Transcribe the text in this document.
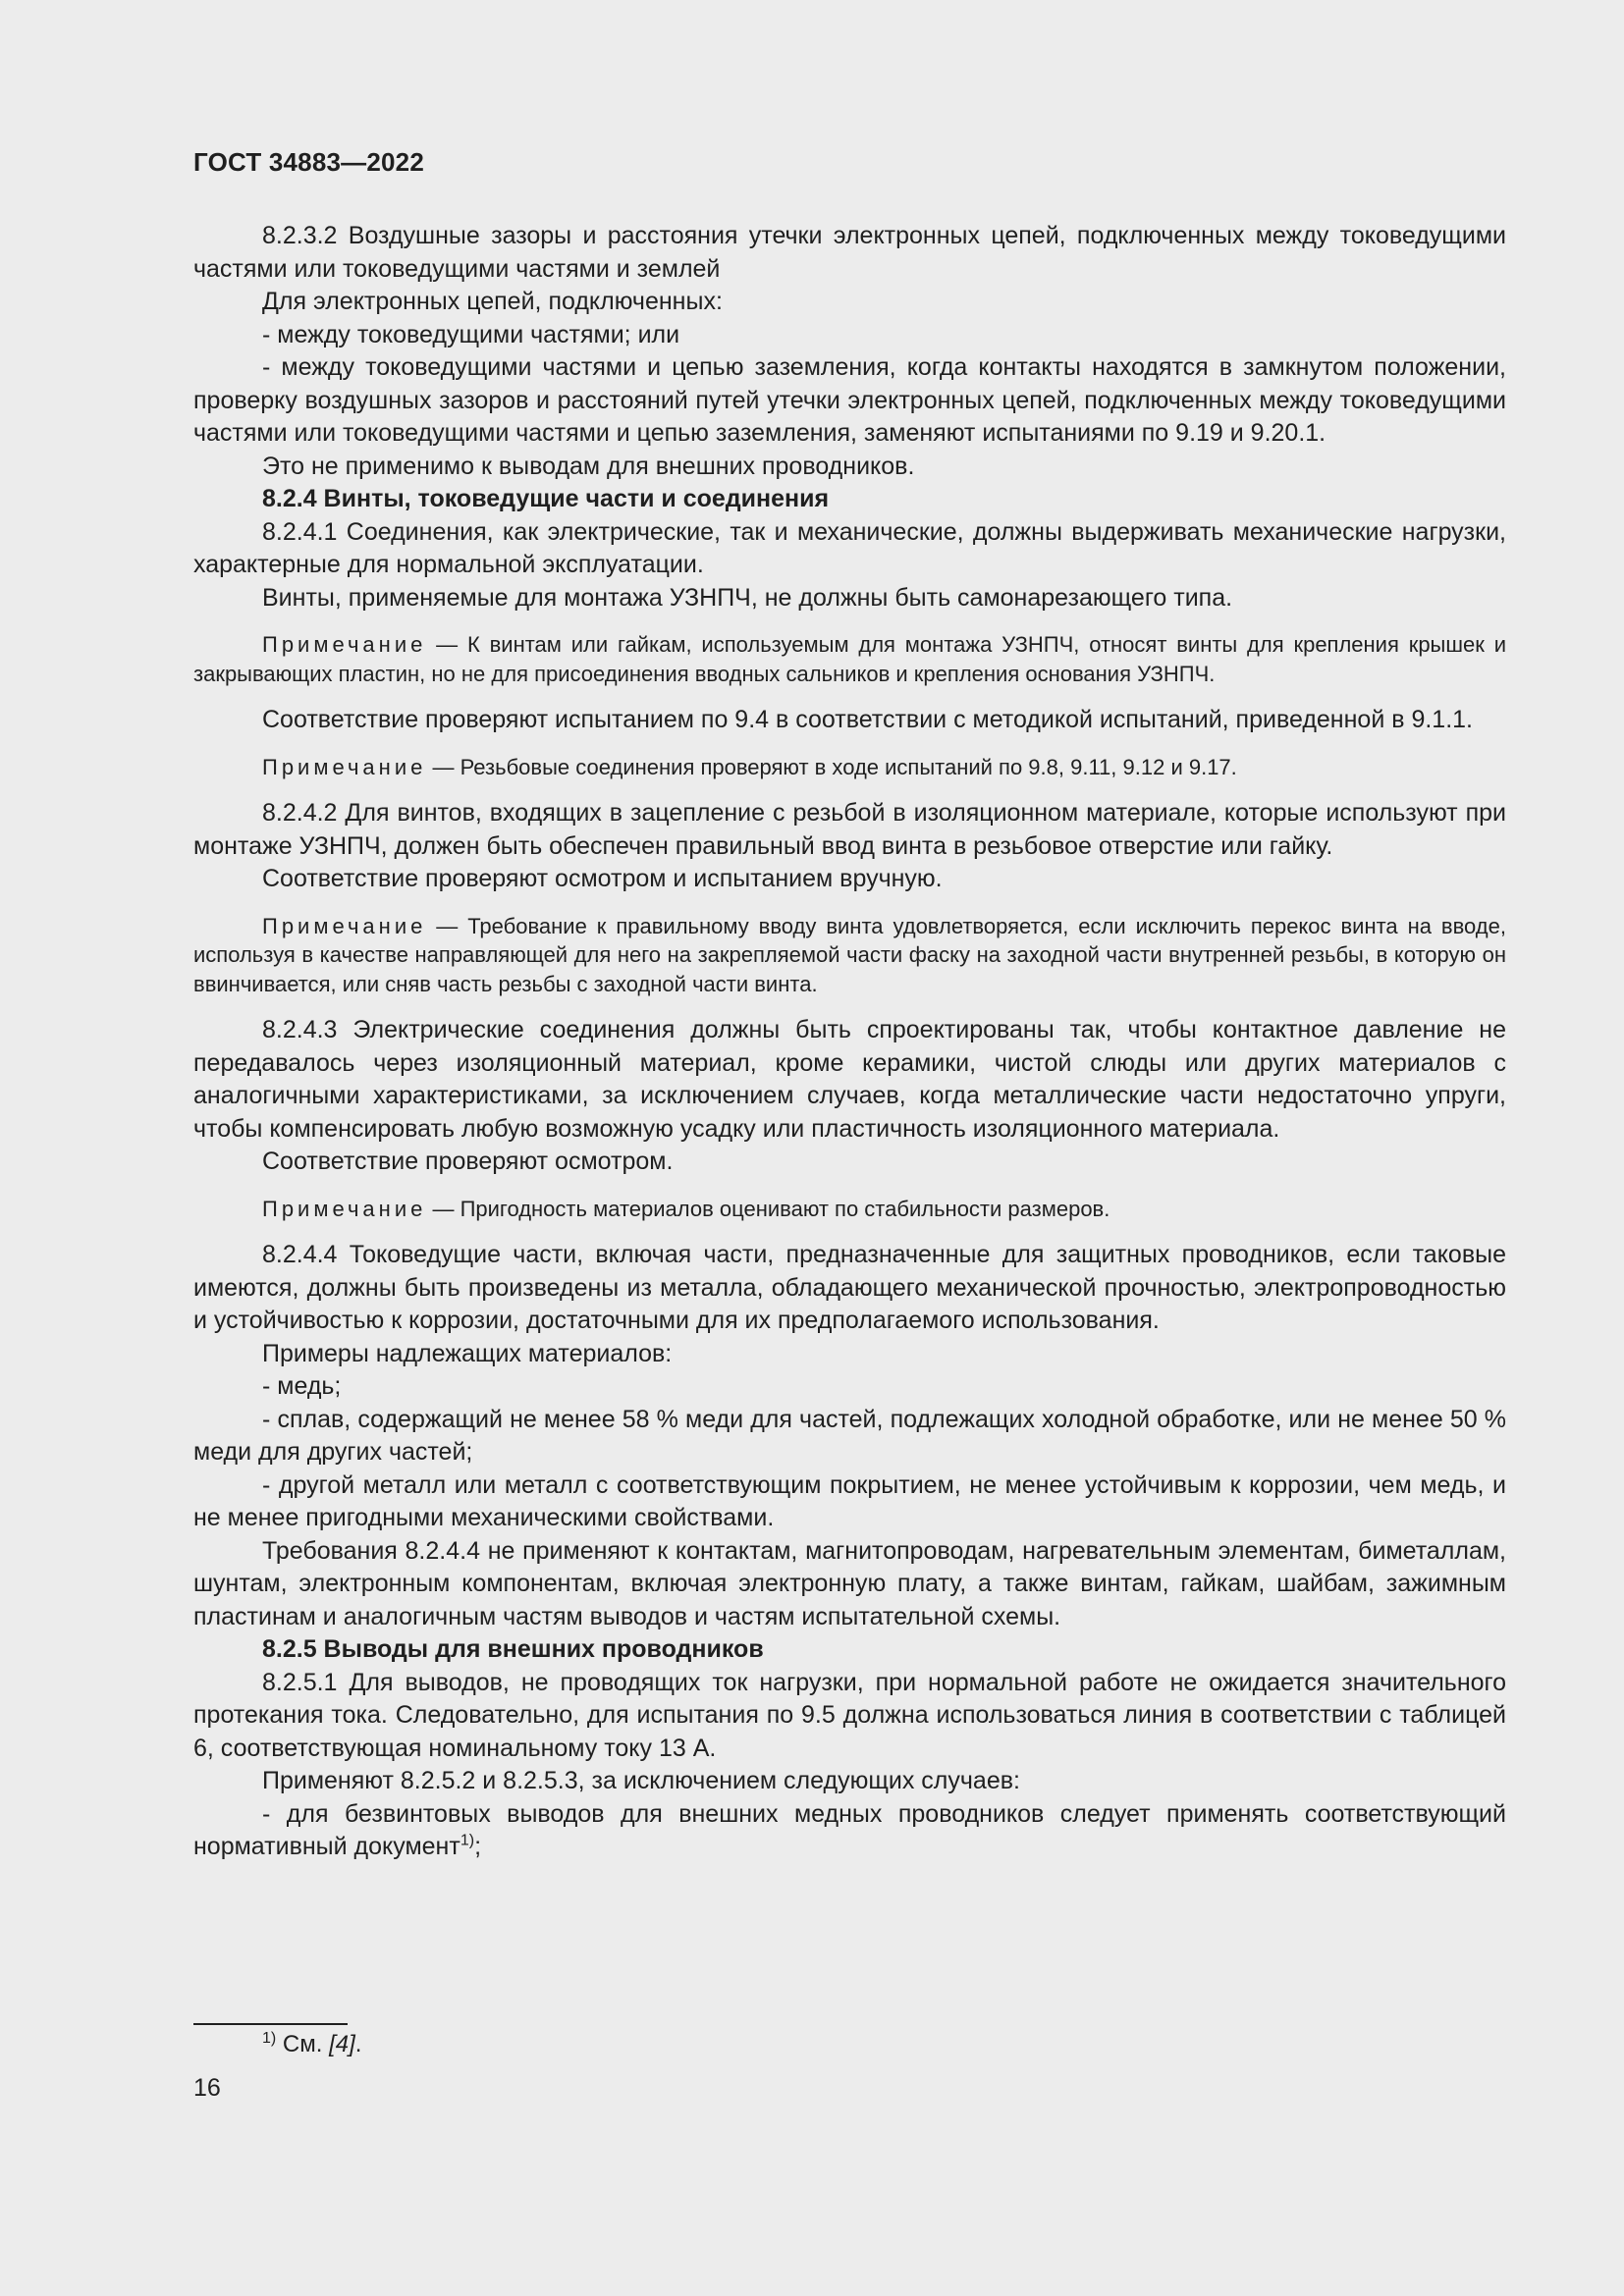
ГОСТ 34883—2022

8.2.3.2 Воздушные зазоры и расстояния утечки электронных цепей, подключенных между токоведущими частями или токоведущими частями и землей

Для электронных цепей, подключенных:

- между токоведущими частями; или

- между токоведущими частями и цепью заземления, когда контакты находятся в замкнутом положении, проверку воздушных зазоров и расстояний путей утечки электронных цепей, подключенных между токоведущими частями или токоведущими частями и цепью заземления, заменяют испытаниями по 9.19 и 9.20.1.

Это не применимо к выводам для внешних проводников.

8.2.4 Винты, токоведущие части и соединения

8.2.4.1 Соединения, как электрические, так и механические, должны выдерживать механические нагрузки, характерные для нормальной эксплуатации.

Винты, применяемые для монтажа УЗНПЧ, не должны быть самонарезающего типа.

Примечание — К винтам или гайкам, используемым для монтажа УЗНПЧ, относят винты для крепления крышек и закрывающих пластин, но не для присоединения вводных сальников и крепления основания УЗНПЧ.

Соответствие проверяют испытанием по 9.4 в соответствии с методикой испытаний, приведенной в 9.1.1.

Примечание — Резьбовые соединения проверяют в ходе испытаний по 9.8, 9.11, 9.12 и 9.17.

8.2.4.2 Для винтов, входящих в зацепление с резьбой в изоляционном материале, которые используют при монтаже УЗНПЧ, должен быть обеспечен правильный ввод винта в резьбовое отверстие или гайку.

Соответствие проверяют осмотром и испытанием вручную.

Примечание — Требование к правильному вводу винта удовлетворяется, если исключить перекос винта на вводе, используя в качестве направляющей для него на закрепляемой части фаску на заходной части внутренней резьбы, в которую он ввинчивается, или сняв часть резьбы с заходной части винта.

8.2.4.3 Электрические соединения должны быть спроектированы так, чтобы контактное давление не передавалось через изоляционный материал, кроме керамики, чистой слюды или других материалов с аналогичными характеристиками, за исключением случаев, когда металлические части недостаточно упруги, чтобы компенсировать любую возможную усадку или пластичность изоляционного материала.

Соответствие проверяют осмотром.

Примечание — Пригодность материалов оценивают по стабильности размеров.

8.2.4.4 Токоведущие части, включая части, предназначенные для защитных проводников, если таковые имеются, должны быть произведены из металла, обладающего механической прочностью, электропроводностью и устойчивостью к коррозии, достаточными для их предполагаемого использования.

Примеры надлежащих материалов:

- медь;

- сплав, содержащий не менее 58 % меди для частей, подлежащих холодной обработке, или не менее 50 % меди для других частей;

- другой металл или металл с соответствующим покрытием, не менее устойчивым к коррозии, чем медь, и не менее пригодными механическими свойствами.

Требования 8.2.4.4 не применяют к контактам, магнитопроводам, нагревательным элементам, биметаллам, шунтам, электронным компонентам, включая электронную плату, а также винтам, гайкам, шайбам, зажимным пластинам и аналогичным частям выводов и частям испытательной схемы.

8.2.5 Выводы для внешних проводников

8.2.5.1 Для выводов, не проводящих ток нагрузки, при нормальной работе не ожидается значительного протекания тока. Следовательно, для испытания по 9.5 должна использоваться линия в соответствии с таблицей 6, соответствующая номинальному току 13 А.

Применяют 8.2.5.2 и 8.2.5.3, за исключением следующих случаев:

- для безвинтовых выводов для внешних медных проводников следует применять соответствующий нормативный документ$^{1)}$;

$^{1)}$ См. [4].
16
